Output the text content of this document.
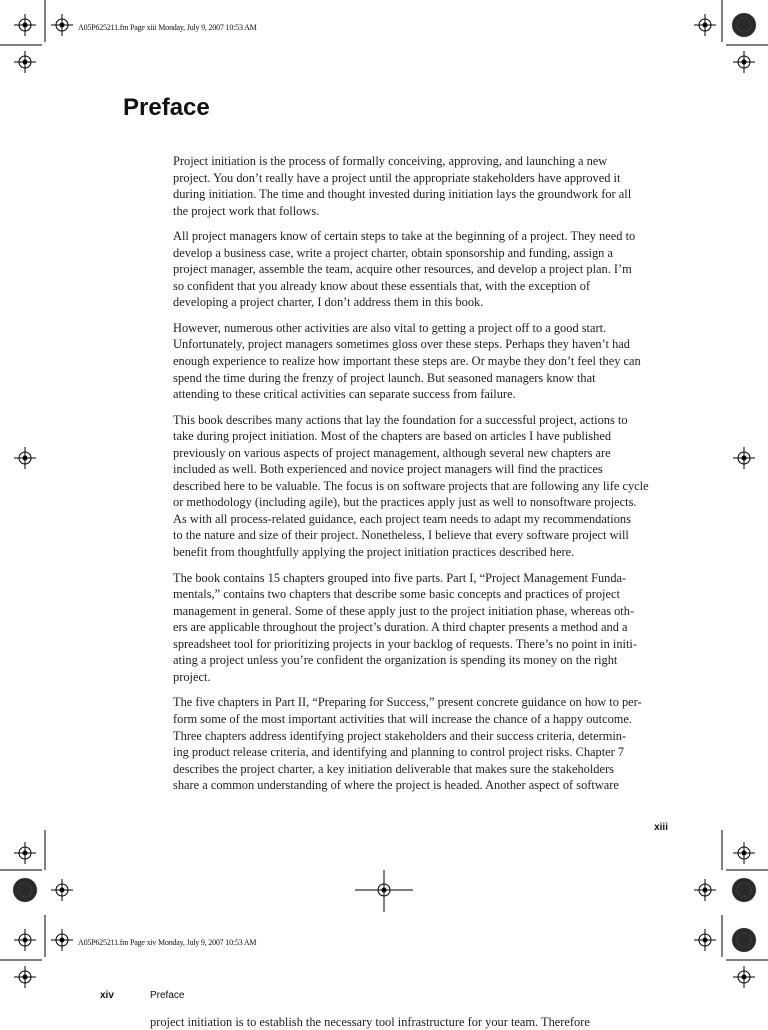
A05P625211.fm Page xiii Monday, July 9, 2007 10:53 AM
A05P625211.fm Page xiv Monday, July 9, 2007 10:53 AM
Preface

Project initiation is the process of formally conceiving, approving, and launching a new
project. You don’t really have a project until the appropriate stakeholders have approved it
during initiation. The time and thought invested during initiation lays the groundwork for all
the project work that follows.

All project managers know of certain steps to take at the beginning of a project. They need to
develop a business case, write a project charter, obtain sponsorship and funding, assign a
project manager, assemble the team, acquire other resources, and develop a project plan. I’m
so confident that you already know about these essentials that, with the exception of
developing a project charter, I don’t address them in this book.

However, numerous other activities are also vital to getting a project off to a good start.
Unfortunately, project managers sometimes gloss over these steps. Perhaps they haven’t had
enough experience to realize how important these steps are. Or maybe they don’t feel they can
spend the time during the frenzy of project launch. But seasoned managers know that
attending to these critical activities can separate success from failure.

This book describes many actions that lay the foundation for a successful project, actions to
take during project initiation. Most of the chapters are based on articles I have published
previously on various aspects of project management, although several new chapters are
included as well. Both experienced and novice project managers will find the practices
described here to be valuable. The focus is on software projects that are following any life cycle
or methodology (including agile), but the practices apply just as well to nonsoftware projects.
As with all process-related guidance, each project team needs to adapt my recommendations
to the nature and size of their project. Nonetheless, I believe that every software project will
benefit from thoughtfully applying the project initiation practices described here.

The book contains 15 chapters grouped into five parts. Part I, “Project Management Funda-
mentals,” contains two chapters that describe some basic concepts and practices of project
management in general. Some of these apply just to the project initiation phase, whereas oth-
ers are applicable throughout the project’s duration. A third chapter presents a method and a
spreadsheet tool for prioritizing projects in your backlog of requests. There’s no point in initi-
ating a project unless you’re confident the organization is spending its money on the right
project.

The five chapters in Part II, “Preparing for Success,” present concrete guidance on how to per-
form some of the most important activities that will increase the chance of a happy outcome.
Three chapters address identifying project stakeholders and their success criteria, determin-
ing product release criteria, and identifying and planning to control project risks. Chapter 7
describes the project charter, a key initiation deliverable that makes sure the stakeholders
share a common understanding of where the project is headed. Another aspect of software

xiii
xiv	Preface
project initiation is to establish the necessary tool infrastructure for your team. Therefore
